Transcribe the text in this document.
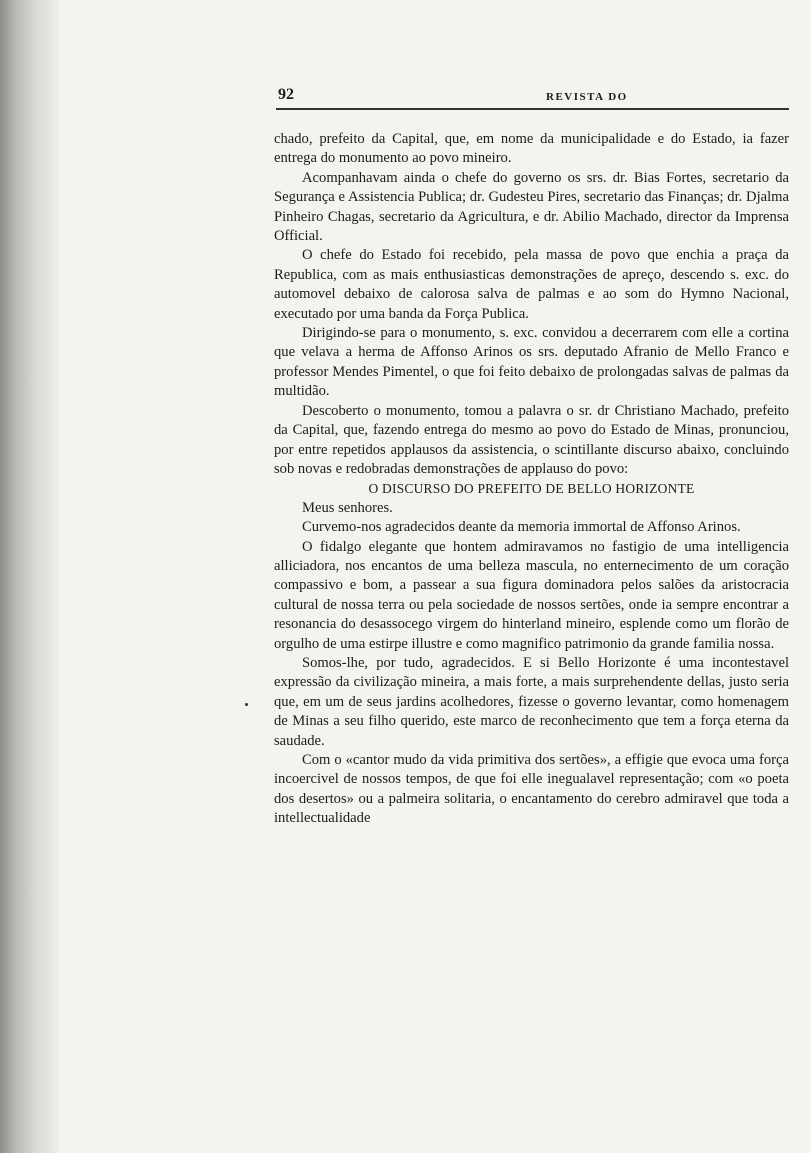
92	REVISTA DO

chado, prefeito da Capital, que, em nome da municipalidade e do Estado, ia fazer entrega do monumento ao povo mineiro.

Acompanhavam ainda o chefe do governo os srs. dr. Bias Fortes, secretario da Segurança e Assistencia Publica; dr. Gudesteu Pires, secretario das Finanças; dr. Djalma Pinheiro Chagas, secretario da Agricultura, e dr. Abilio Machado, director da Imprensa Official.

O chefe do Estado foi recebido, pela massa de povo que enchia a praça da Republica, com as mais enthusiasticas demonstrações de apreço, descendo s. exc. do automovel debaixo de calorosa salva de palmas e ao som do Hymno Nacional, executado por uma banda da Força Publica.

Dirigindo-se para o monumento, s. exc. convidou a decerrarem com elle a cortina que velava a herma de Affonso Arinos os srs. deputado Afranio de Mello Franco e professor Mendes Pimentel, o que foi feito debaixo de prolongadas salvas de palmas da multidão.

Descoberto o monumento, tomou a palavra o sr. dr Christiano Machado, prefeito da Capital, que, fazendo entrega do mesmo ao povo do Estado de Minas, pronunciou, por entre repetidos applausos da assistencia, o scintillante discurso abaixo, concluindo sob novas e redobradas demonstrações de applauso do povo:

O DISCURSO DO PREFEITO DE BELLO HORIZONTE

Meus senhores.

Curvemo-nos agradecidos deante da memoria immortal de Affonso Arinos.

O fidalgo elegante que hontem admiravamos no fastigio de uma intelligencia alliciadora, nos encantos de uma belleza mascula, no enternecimento de um coração compassivo e bom, a passear a sua figura dominadora pelos salões da aristocracia cultural de nossa terra ou pela sociedade de nossos sertões, onde ia sempre encontrar a resonancia do desassocego virgem do hinterland mineiro, esplende como um florão de orgulho de uma estirpe illustre e como magnifico patrimonio da grande familia nossa.

Somos-lhe, por tudo, agradecidos. E si Bello Horizonte é uma incontestavel expressão da civilização mineira, a mais forte, a mais surprehendente dellas, justo seria que, em um de seus jardins acolhedores, fizesse o governo levantar, como homenagem de Minas a seu filho querido, este marco de reconhecimento que tem a força eterna da saudade.

Com o «cantor mudo da vida primitiva dos sertões», a effigie que evoca uma força incoercivel de nossos tempos, de que foi elle inegualavel representação; com «o poeta dos desertos» ou a palmeira solitaria, o encantamento do cerebro admiravel que toda a intellectualidade
